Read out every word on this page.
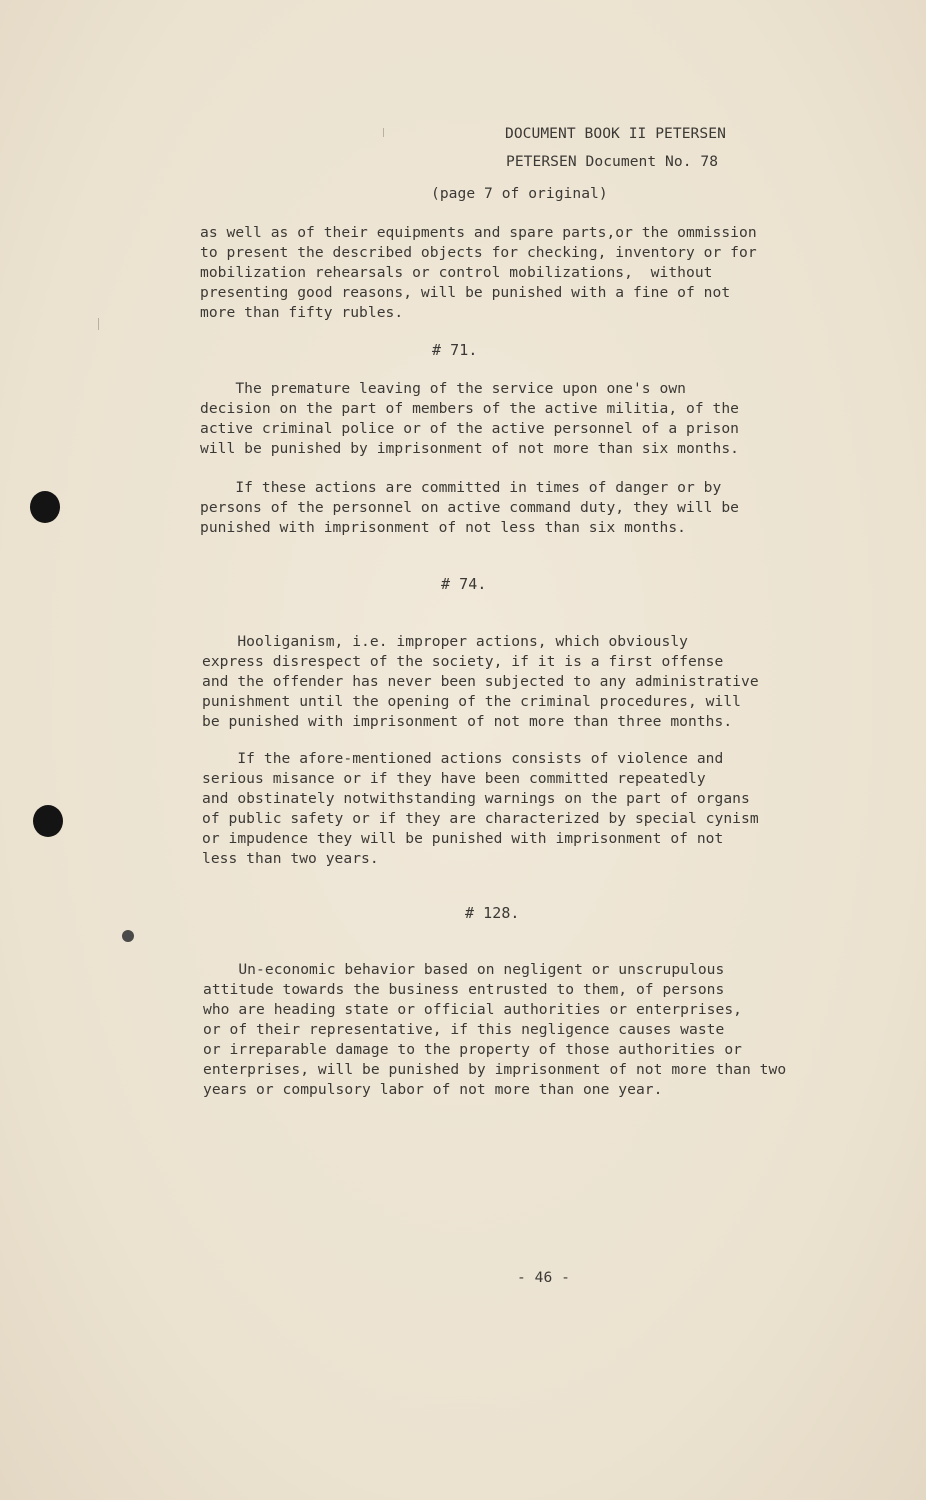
DOCUMENT BOOK II PETERSEN
PETERSEN Document No. 78
(page 7 of original)
as well as of their equipments and spare parts,or the ommission
to present the described objects for checking, inventory or for
mobilization rehearsals or control mobilizations,  without
presenting good reasons, will be punished with a fine of not
more than fifty rubles.
# 71.
The premature leaving of the service upon one's own
decision on the part of members of the active militia, of the
active criminal police or of the active personnel of a prison
will be punished by imprisonment of not more than six months.
If these actions are committed in times of danger or by
persons of the personnel on active command duty, they will be
punished with imprisonment of not less than six months.
# 74.
Hooliganism, i.e. improper actions, which obviously
express disrespect of the society, if it is a first offense
and the offender has never been subjected to any administrative
punishment until the opening of the criminal procedures, will
be punished with imprisonment of not more than three months.
If the afore-mentioned actions consists of violence and
serious misance or if they have been committed repeatedly
and obstinately notwithstanding warnings on the part of organs
of public safety or if they are characterized by special cynism
or impudence they will be punished with imprisonment of not
less than two years.
# 128.
Un-economic behavior based on negligent or unscrupulous
attitude towards the business entrusted to them, of persons
who are heading state or official authorities or enterprises,
or of their representative, if this negligence causes waste
or irreparable damage to the property of those authorities or
enterprises, will be punished by imprisonment of not more than two
years or compulsory labor of not more than one year.
- 46 -
